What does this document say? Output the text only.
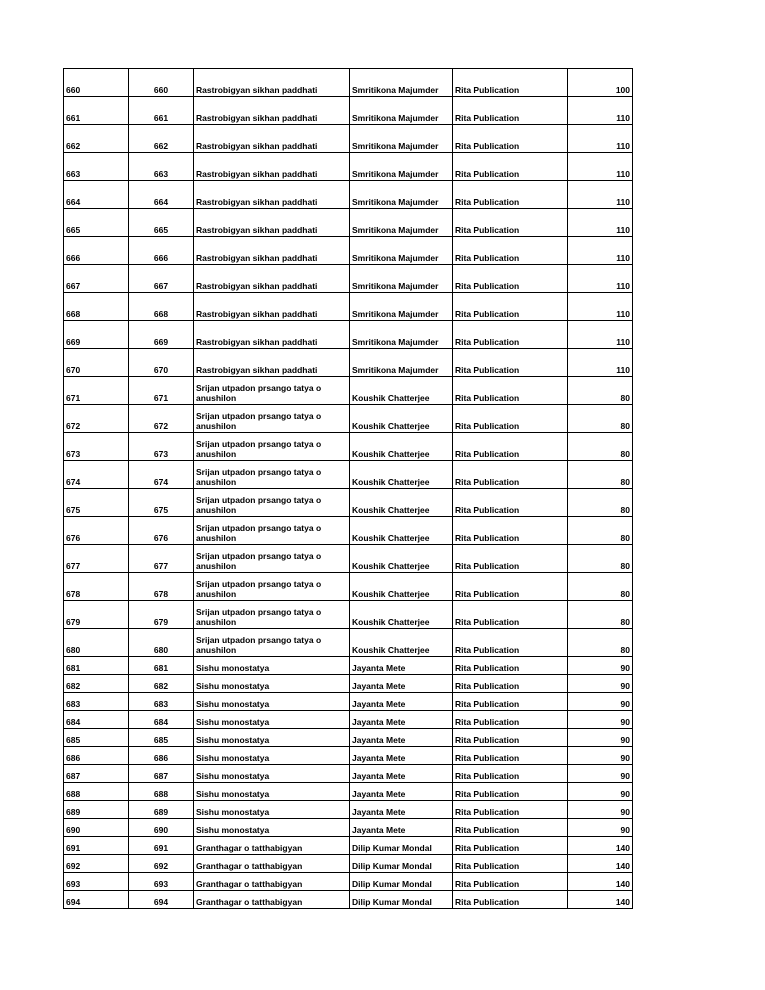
660	660	Rastrobigyan sikhan paddhati	Smritikona Majumder	Rita Publication	100
661	661	Rastrobigyan sikhan paddhati	Smritikona Majumder	Rita Publication	110
662	662	Rastrobigyan sikhan paddhati	Smritikona Majumder	Rita Publication	110
663	663	Rastrobigyan sikhan paddhati	Smritikona Majumder	Rita Publication	110
664	664	Rastrobigyan sikhan paddhati	Smritikona Majumder	Rita Publication	110
665	665	Rastrobigyan sikhan paddhati	Smritikona Majumder	Rita Publication	110
666	666	Rastrobigyan sikhan paddhati	Smritikona Majumder	Rita Publication	110
667	667	Rastrobigyan sikhan paddhati	Smritikona Majumder	Rita Publication	110
668	668	Rastrobigyan sikhan paddhati	Smritikona Majumder	Rita Publication	110
669	669	Rastrobigyan sikhan paddhati	Smritikona Majumder	Rita Publication	110
670	670	Rastrobigyan sikhan paddhati	Smritikona Majumder	Rita Publication	110
671	671	Srijan utpadon prsango tatya o anushilon	Koushik Chatterjee	Rita Publication	80
672	672	Srijan utpadon prsango tatya o anushilon	Koushik Chatterjee	Rita Publication	80
673	673	Srijan utpadon prsango tatya o anushilon	Koushik Chatterjee	Rita Publication	80
674	674	Srijan utpadon prsango tatya o anushilon	Koushik Chatterjee	Rita Publication	80
675	675	Srijan utpadon prsango tatya o anushilon	Koushik Chatterjee	Rita Publication	80
676	676	Srijan utpadon prsango tatya o anushilon	Koushik Chatterjee	Rita Publication	80
677	677	Srijan utpadon prsango tatya o anushilon	Koushik Chatterjee	Rita Publication	80
678	678	Srijan utpadon prsango tatya o anushilon	Koushik Chatterjee	Rita Publication	80
679	679	Srijan utpadon prsango tatya o anushilon	Koushik Chatterjee	Rita Publication	80
680	680	Srijan utpadon prsango tatya o anushilon	Koushik Chatterjee	Rita Publication	80
681	681	Sishu monostatya	Jayanta Mete	Rita Publication	90
682	682	Sishu monostatya	Jayanta Mete	Rita Publication	90
683	683	Sishu monostatya	Jayanta Mete	Rita Publication	90
684	684	Sishu monostatya	Jayanta Mete	Rita Publication	90
685	685	Sishu monostatya	Jayanta Mete	Rita Publication	90
686	686	Sishu monostatya	Jayanta Mete	Rita Publication	90
687	687	Sishu monostatya	Jayanta Mete	Rita Publication	90
688	688	Sishu monostatya	Jayanta Mete	Rita Publication	90
689	689	Sishu monostatya	Jayanta Mete	Rita Publication	90
690	690	Sishu monostatya	Jayanta Mete	Rita Publication	90
691	691	Granthagar o tatthabigyan	Dilip Kumar Mondal	Rita Publication	140
692	692	Granthagar o tatthabigyan	Dilip Kumar Mondal	Rita Publication	140
693	693	Granthagar o tatthabigyan	Dilip Kumar Mondal	Rita Publication	140
694	694	Granthagar o tatthabigyan	Dilip Kumar Mondal	Rita Publication	140
